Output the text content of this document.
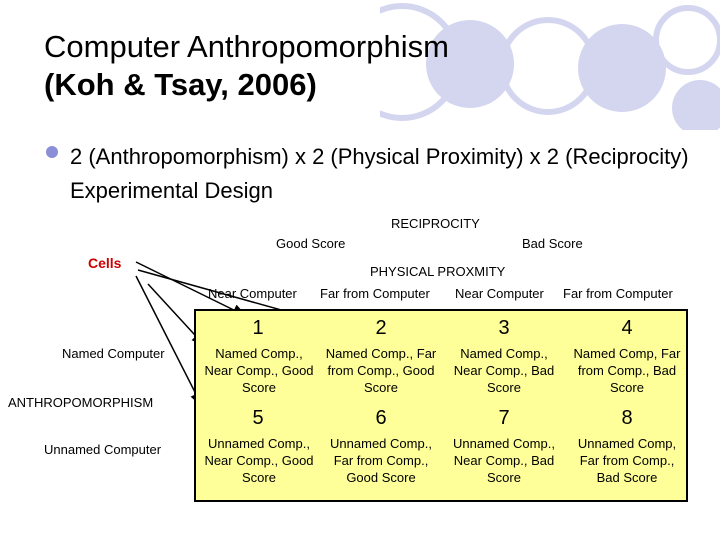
Computer Anthropomorphism
(Koh & Tsay, 2006)
2 (Anthropomorphism) x 2 (Physical Proximity) x 2 (Reciprocity) Experimental Design
RECIPROCITY
Good Score	Bad Score
PHYSICAL PROXMITY
Near Computer Far from Computer Near Computer Far from Computer
Cells
Named Computer
ANTHROPOMORPHISM
Unnamed Computer
1
Named Comp., Near Comp., Good Score
2
Named Comp., Far from Comp., Good Score
3
Named Comp., Near Comp., Bad Score
4
Named Comp, Far from Comp., Bad Score
5
Unnamed Comp., Near Comp., Good Score
6
Unnamed Comp., Far from Comp., Good Score
7
Unnamed Comp., Near Comp., Bad Score
8
Unnamed Comp, Far from Comp., Bad Score
